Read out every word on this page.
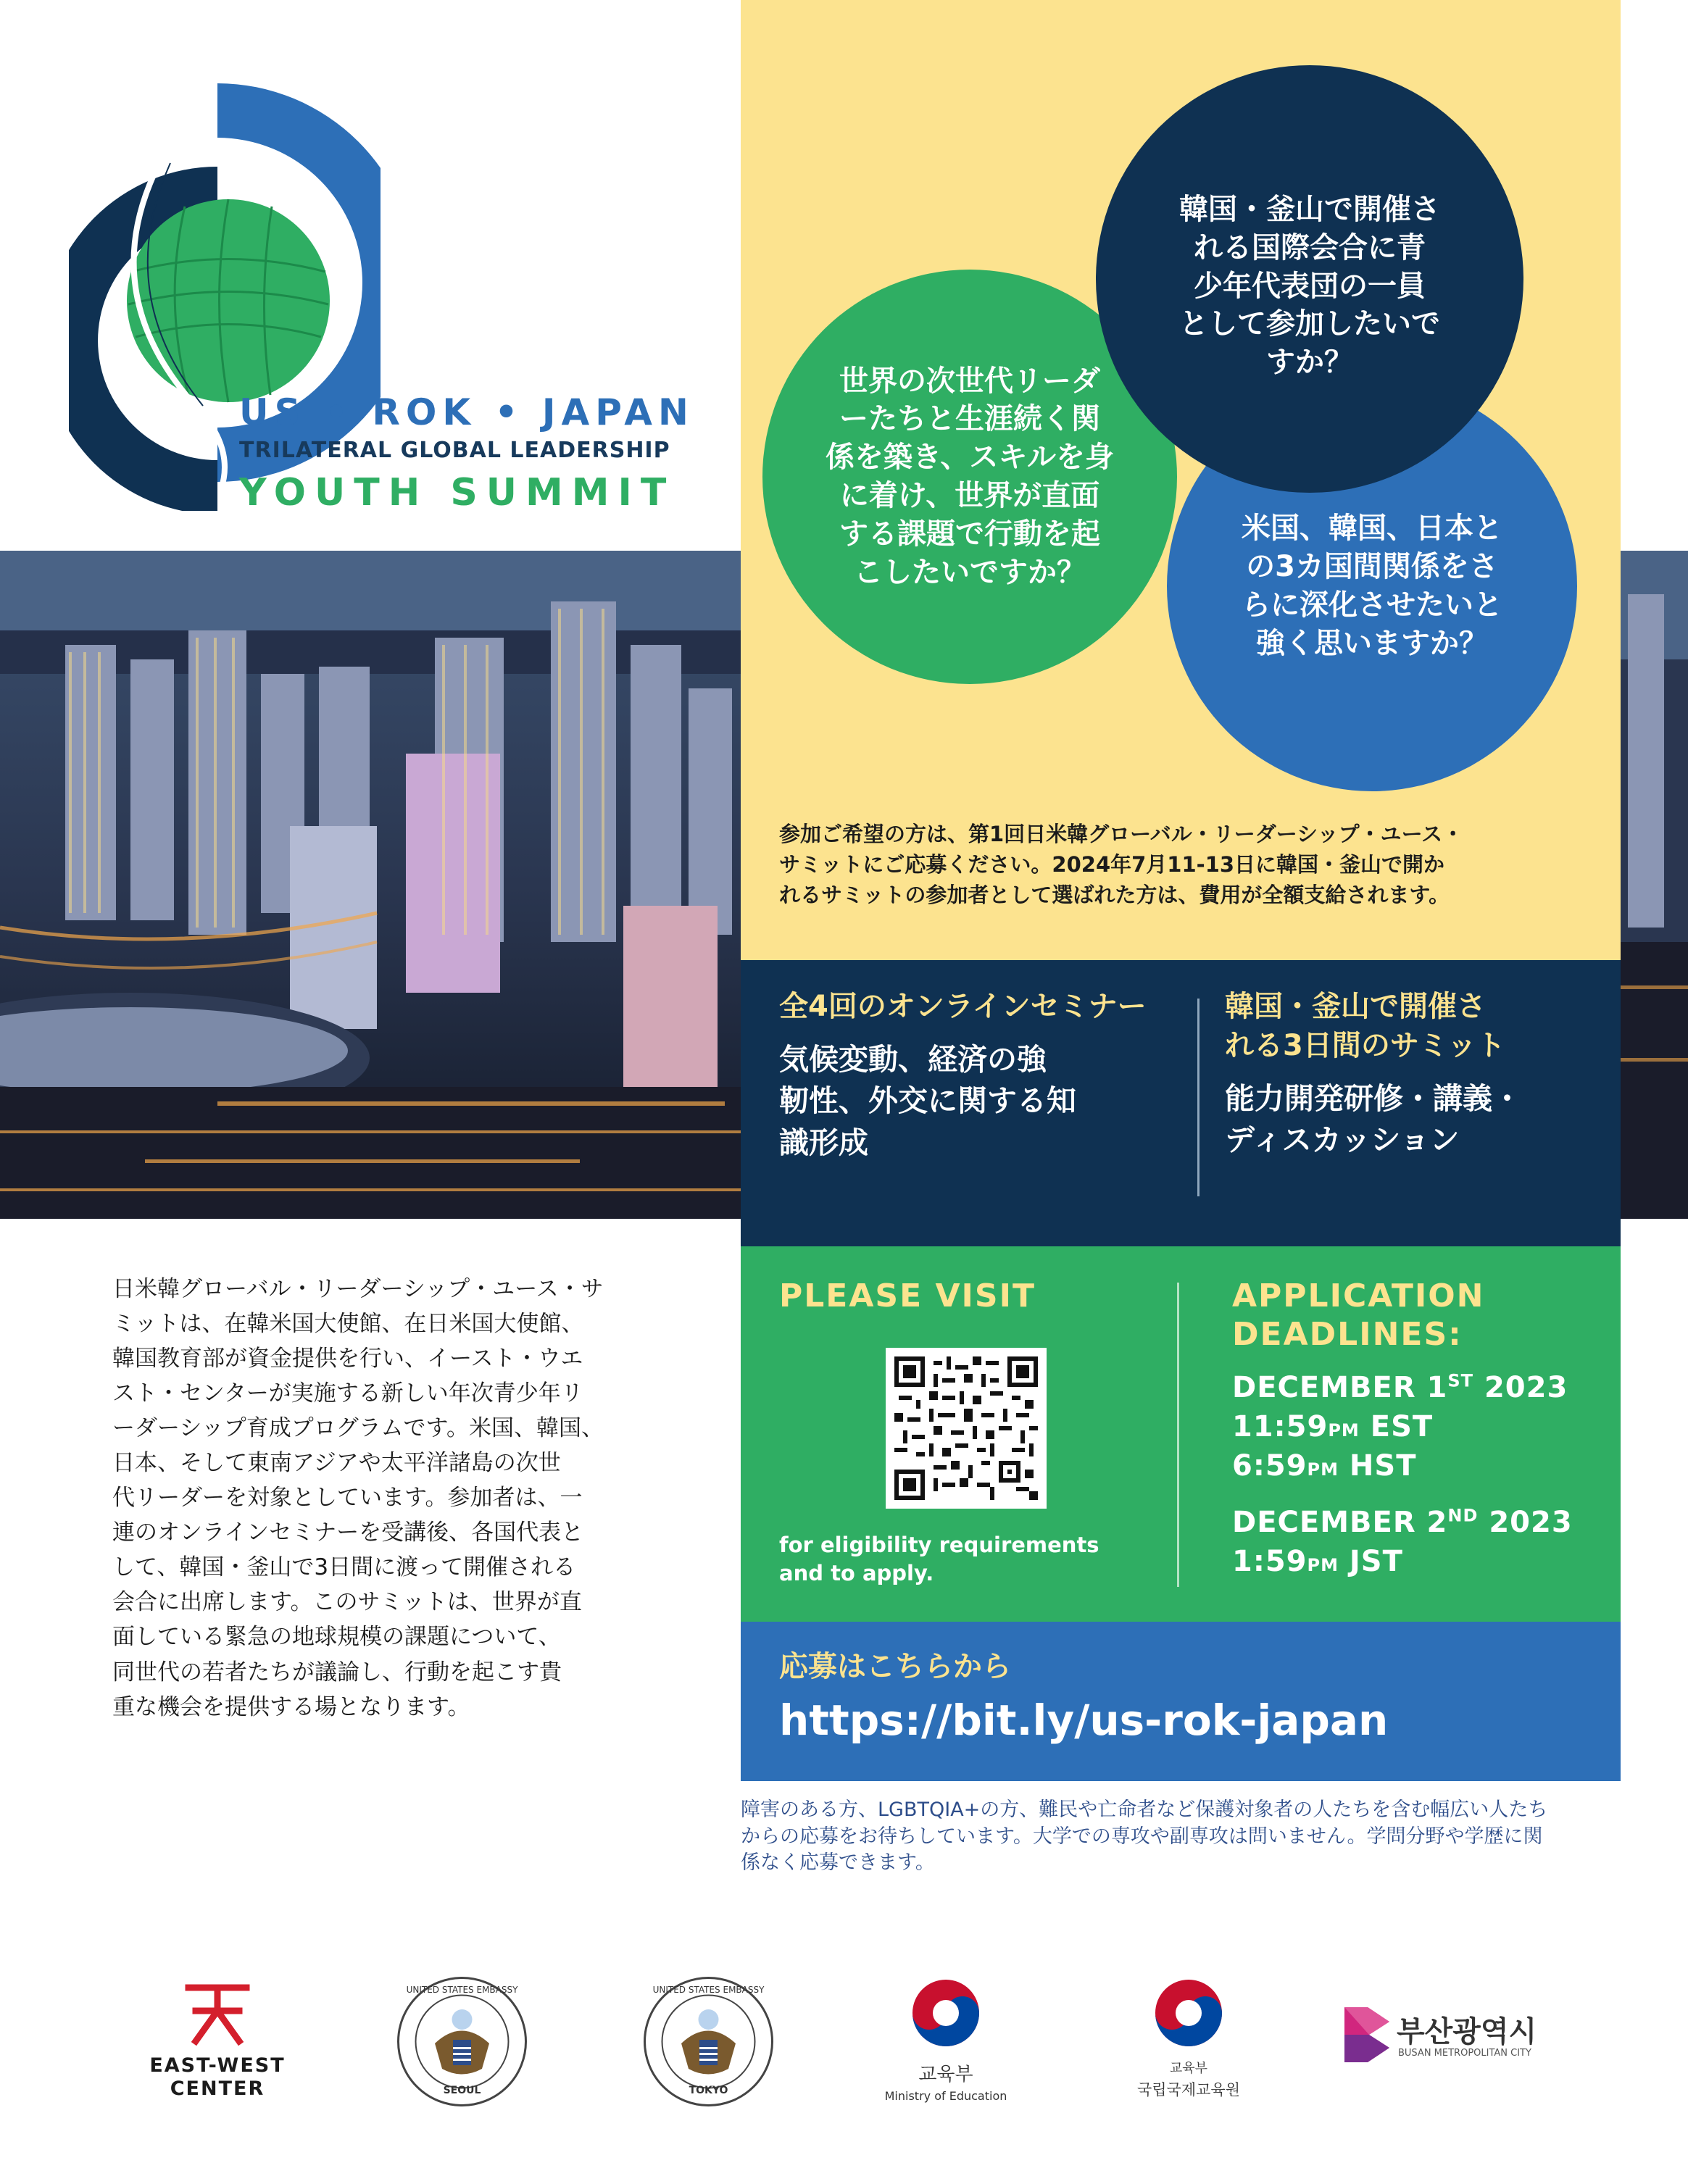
US • ROK • JAPAN
TRILATERAL GLOBAL LEADERSHIP
YOUTH SUMMIT
世界の次世代リーダ
ーたちと生涯続く関
係を築き、スキルを身
に着け、世界が直面
する課題で行動を起
こしたいですか？
米国、韓国、日本と
の3カ国間関係をさ
らに深化させたいと
強く思いますか？
韓国・釜山で開催さ
れる国際会合に青
少年代表団の一員
として参加したいで
すか？
参加ご希望の方は、第1回日米韓グローバル・リーダーシップ・ユース・
サミットにご応募ください。2024年7月11-13日に韓国・釜山で開か
れるサミットの参加者として選ばれた方は、費用が全額支給されます。
全4回のオンラインセミナー
気候変動、経済の強
靭性、外交に関する知
識形成
韓国・釜山で開催さ
れる3日間のサミット
能力開発研修・講義・
ディスカッション
PLEASE VISIT
for eligibility requirements
and to apply.
APPLICATION
DEADLINES:
DECEMBER 1ST 2023
11:59PM EST
6:59PM HST
DECEMBER 2ND 2023
1:59PM JST
応募はこちらから
https://bit.ly/us-rok-japan
障害のある方、LGBTQIA+の方、難民や亡命者など保護対象者の人たちを含む幅広い人たち
からの応募をお待ちしています。大学での専攻や副専攻は問いません。学問分野や学歴に関
係なく応募できます。
日米韓グローバル・リーダーシップ・ユース・サ
ミットは、在韓米国大使館、在日米国大使館、
韓国教育部が資金提供を行い、イースト・ウエ
スト・センターが実施する新しい年次青少年リ
ーダーシップ育成プログラムです。米国、韓国、
日本、そして東南アジアや太平洋諸島の次世
代リーダーを対象としています。参加者は、一
連のオンラインセミナーを受講後、各国代表と
して、韓国・釜山で3日間に渡って開催される
会合に出席します。このサミットは、世界が直
面している緊急の地球規模の課題について、
同世代の若者たちが議論し、行動を起こす貴
重な機会を提供する場となります。
EAST-WEST
CENTER
UNITED STATES EMBASSY
SEOUL
UNITED STATES EMBASSY
TOKYO
교육부
Ministry of Education
교육부
국립국제교육원
부산광역시
BUSAN METROPOLITAN CITY
